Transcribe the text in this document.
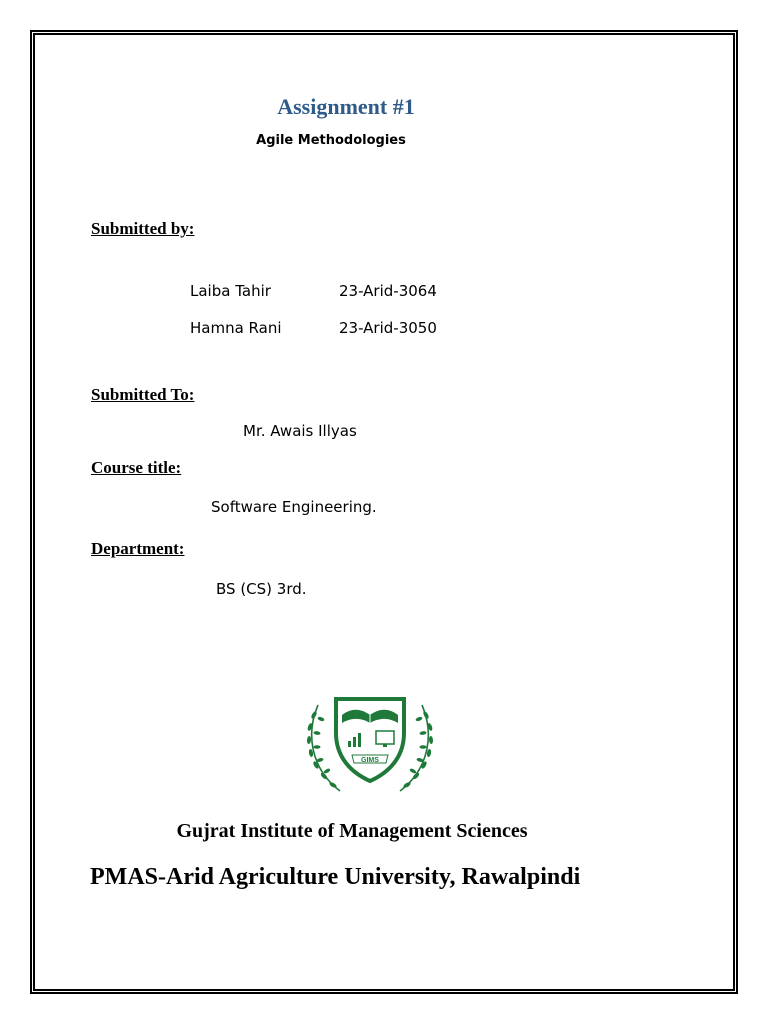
Assignment #1
Agile Methodologies
Submitted by:
Laiba Tahir	23-Arid-3064
Hamna Rani	23-Arid-3050
Submitted To:
Mr. Awais Illyas
Course title:
Software Engineering.
Department:
BS (CS) 3rd.
GIMS
Gujrat Institute of Management Sciences
PMAS-Arid Agriculture University, Rawalpindi
